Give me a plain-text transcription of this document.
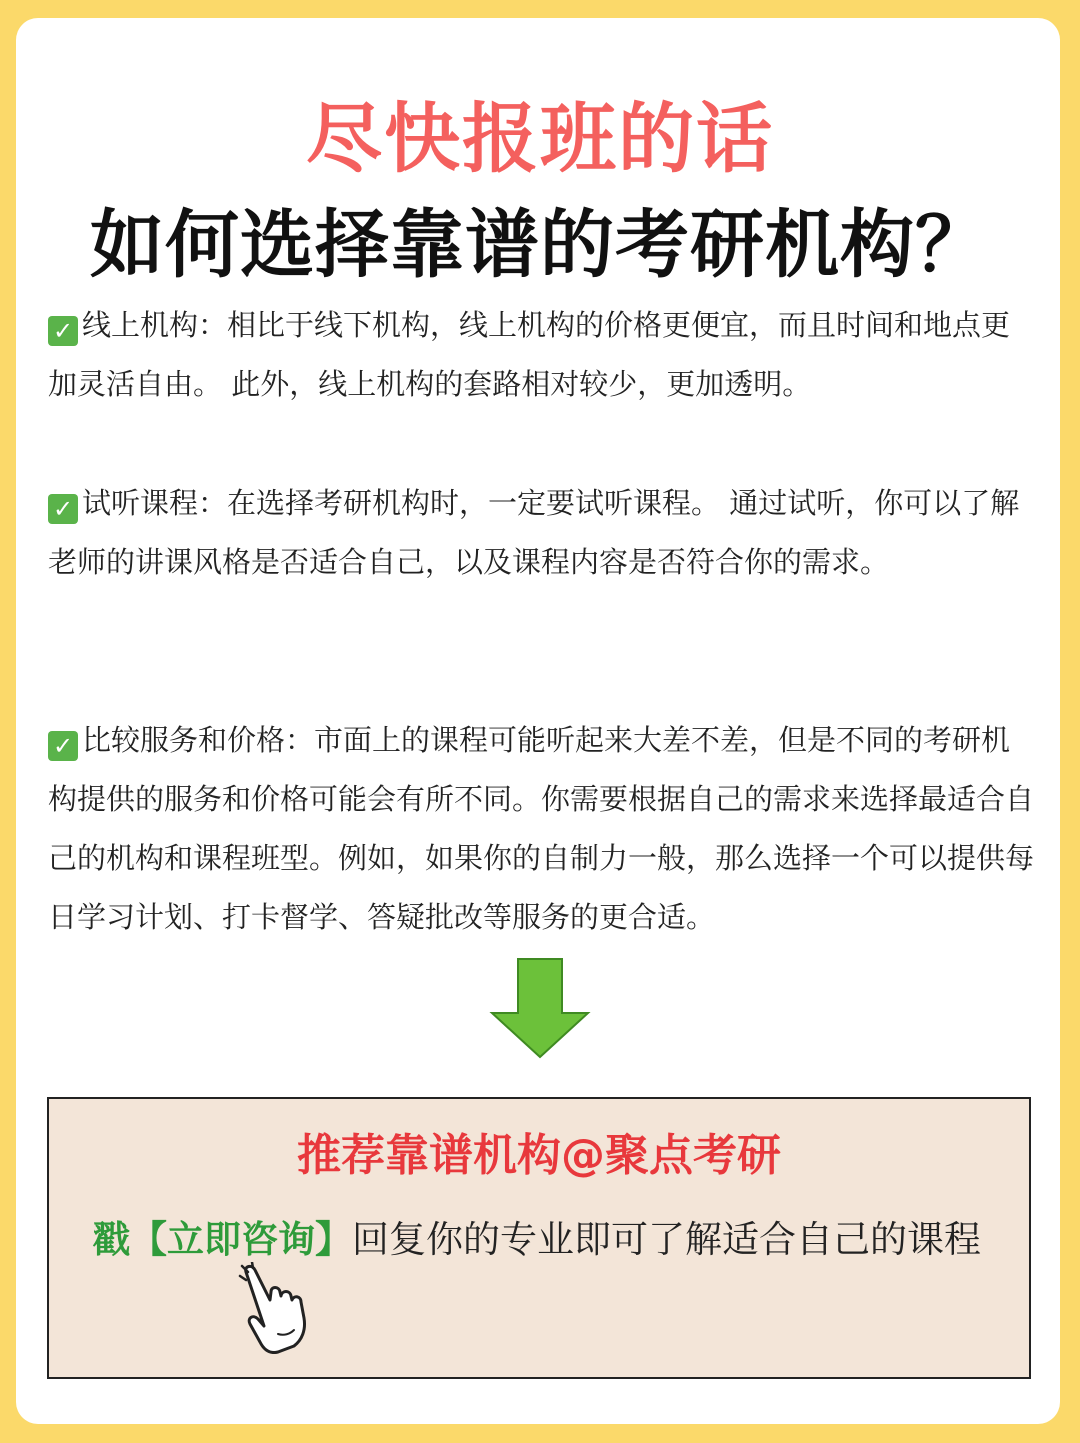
尽快报班的话
如何选择靠谱的考研机构？
✓ 线上机构：相比于线下机构，线上机构的价格更便宜，而且时间和地点更加灵活自由。 此外，线上机构的套路相对较少，更加透明。
✓ 试听课程：在选择考研机构时，一定要试听课程。 通过试听，你可以了解老师的讲课风格是否适合自己，以及课程内容是否符合你的需求。
✓ 比较服务和价格：市面上的课程可能听起来大差不差，但是不同的考研机构提供的服务和价格可能会有所不同。你需要根据自己的需求来选择最适合自己的机构和课程班型。例如，如果你的自制力一般，那么选择一个可以提供每日学习计划、打卡督学、答疑批改等服务的更合适。
推荐靠谱机构@聚点考研
戳【立即咨询】回复你的专业即可了解适合自己的课程
